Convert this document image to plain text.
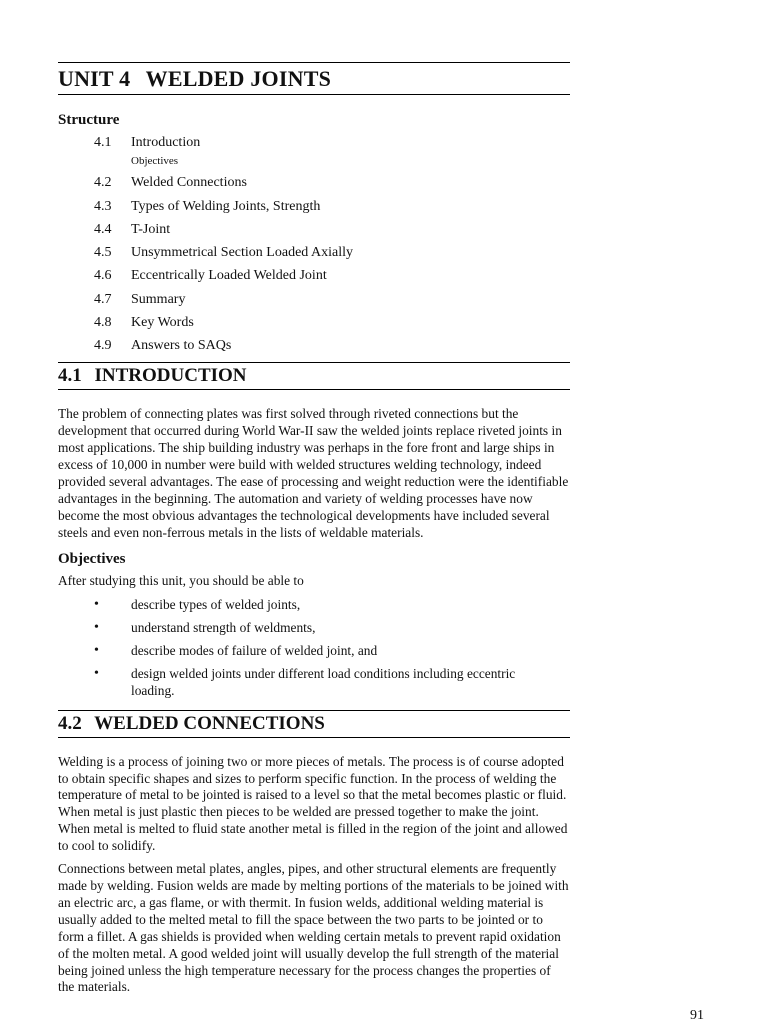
UNIT 4 WELDED JOINTS
Structure
4.1	Introduction
Objectives
4.2	Welded Connections
4.3	Types of Welding Joints, Strength
4.4	T-Joint
4.5	Unsymmetrical Section Loaded Axially
4.6	Eccentrically Loaded Welded Joint
4.7	Summary
4.8	Key Words
4.9	Answers to SAQs
4.1 INTRODUCTION

The problem of connecting plates was first solved through riveted connections but the development that occurred during World War-II saw the welded joints replace riveted joints in most applications. The ship building industry was perhaps in the fore front and large ships in excess of 10,000 in number were build with welded structures welding technology, indeed provided several advantages. The ease of processing and weight reduction were the identifiable advantages in the beginning. The automation and variety of welding processes have now become the most obvious advantages the technological developments have included several steels and even non-ferrous metals in the lists of weldable materials.

Objectives

After studying this unit, you should be able to

•	describe types of welded joints,
•	understand strength of weldments,
•	describe modes of failure of welded joint, and
•	design welded joints under different load conditions including eccentric loading.
4.2 WELDED CONNECTIONS

Welding is a process of joining two or more pieces of metals. The process is of course adopted to obtain specific shapes and sizes to perform specific function. In the process of welding the temperature of metal to be jointed is raised to a level so that the metal becomes plastic or fluid. When metal is just plastic then pieces to be welded are pressed together to make the joint. When metal is melted to fluid state another metal is filled in the region of the joint and allowed to cool to solidify.

Connections between metal plates, angles, pipes, and other structural elements are frequently made by welding. Fusion welds are made by melting portions of the materials to be joined with an electric arc, a gas flame, or with thermit. In fusion welds, additional welding material is usually added to the melted metal to fill the space between the two parts to be jointed or to form a fillet. A gas shields is provided when welding certain metals to prevent rapid oxidation of the molten metal. A good welded joint will usually develop the full strength of the material being joined unless the high temperature necessary for the process changes the properties of the materials.

91
